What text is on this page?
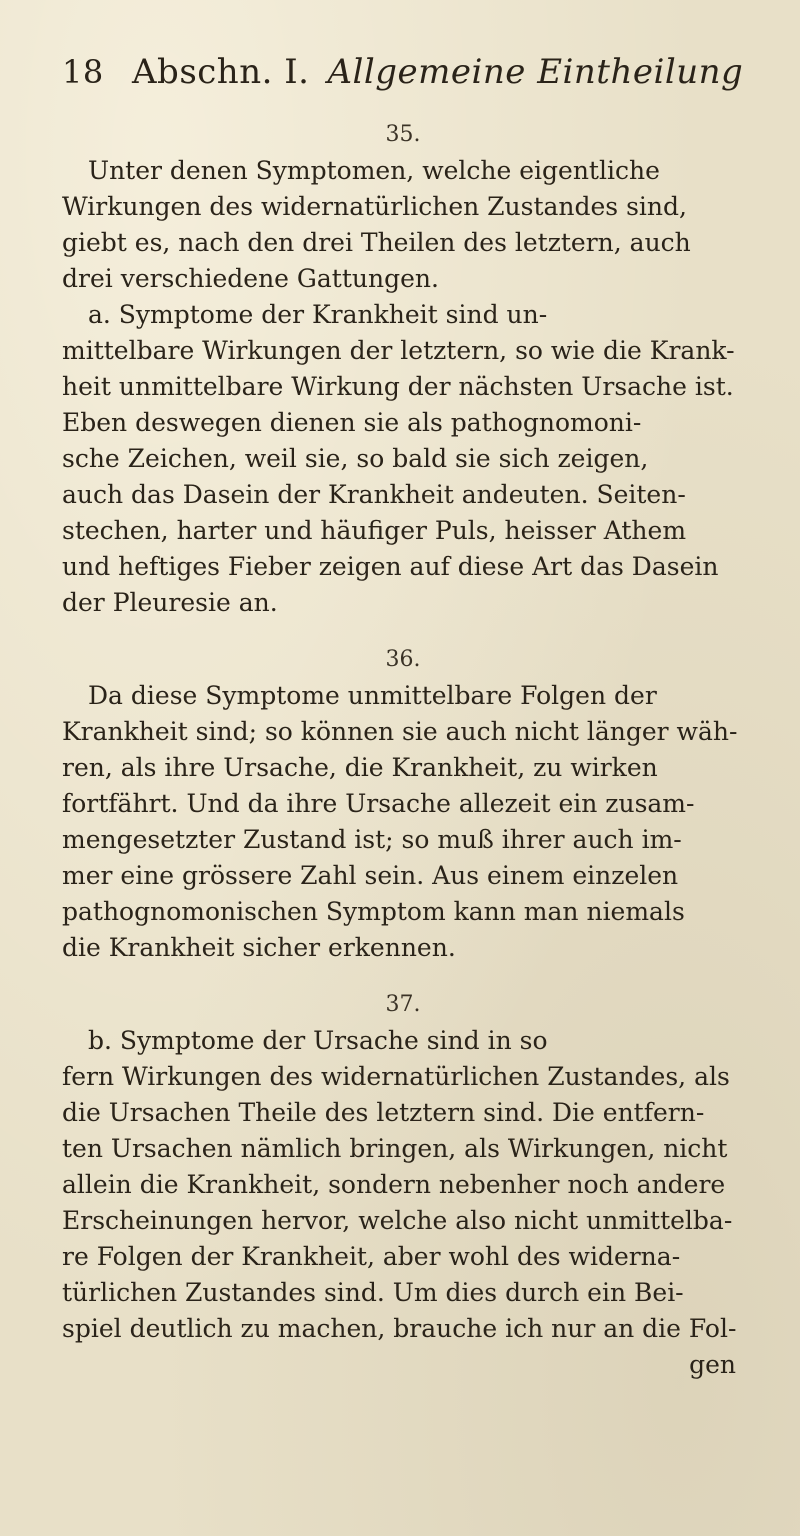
18 Abschn. I. Allgemeine Eintheilung
35.
Unter denen Symptomen, welche eigentliche
Wirkungen des widernatürlichen Zustandes sind,
giebt es, nach den drei Theilen des letztern, auch
drei verschiedene Gattungen.
a. Symptome der Krankheit sind un-
mittelbare Wirkungen der letztern, so wie die Krank-
heit unmittelbare Wirkung der nächsten Ursache ist.
Eben deswegen dienen sie als pathognomoni-
sche Zeichen, weil sie, so bald sie sich zeigen,
auch das Dasein der Krankheit andeuten. Seiten-
stechen, harter und häufiger Puls, heisser Athem
und heftiges Fieber zeigen auf diese Art das Dasein
der Pleuresie an.
36.
Da diese Symptome unmittelbare Folgen der
Krankheit sind; so können sie auch nicht länger wäh-
ren, als ihre Ursache, die Krankheit, zu wirken
fortfährt. Und da ihre Ursache allezeit ein zusam-
mengesetzter Zustand ist; so muß ihrer auch im-
mer eine grössere Zahl sein. Aus einem einzelen
pathognomonischen Symptom kann man niemals
die Krankheit sicher erkennen.
37.
b. Symptome der Ursache sind in so
fern Wirkungen des widernatürlichen Zustandes, als
die Ursachen Theile des letztern sind. Die entfern-
ten Ursachen nämlich bringen, als Wirkungen, nicht
allein die Krankheit, sondern nebenher noch andere
Erscheinungen hervor, welche also nicht unmittelba-
re Folgen der Krankheit, aber wohl des widerna-
türlichen Zustandes sind. Um dies durch ein Bei-
spiel deutlich zu machen, brauche ich nur an die Fol-
gen
